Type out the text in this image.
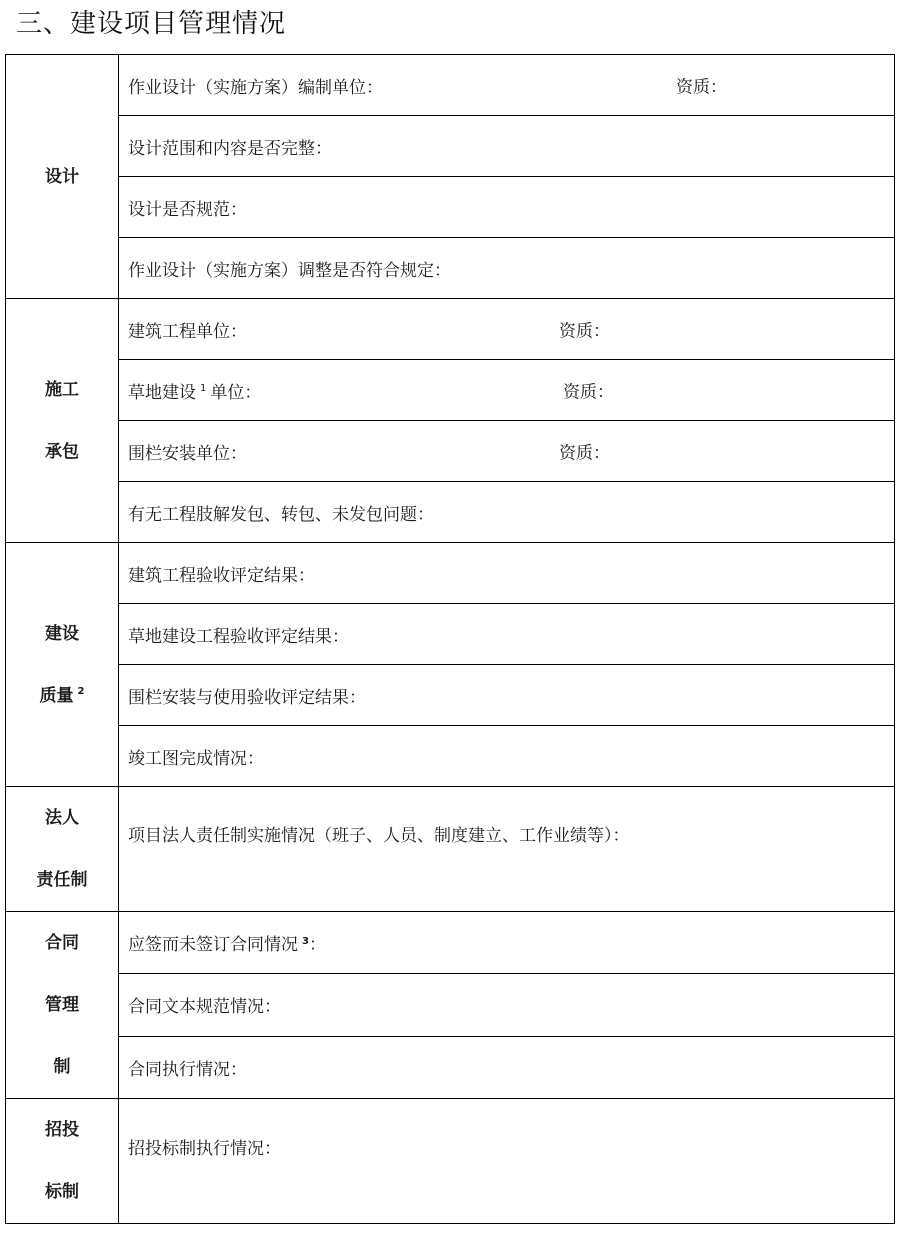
三、建设项目管理情况
设计	作业设计（实施方案）编制单位： 资质：

	设计范围和内容是否完整：
	设计是否规范：
	作业设计（实施方案）调整是否符合规定：

施工
承包	建筑工程单位： 资质：

	草地建设 $^1$ 单位： 资质：

	围栏安装单位： 资质：

	有无工程肢解发包、转包、未发包问题：

建设
质量 $^2$	建筑工程验收评定结果：
	草地建设工程验收评定结果：
	围栏安装与使用验收评定结果：
	竣工图完成情况：

法人
责任制	项目法人责任制实施情况（班子、人员、制度建立、工作业绩等）：

合同
管理
制	应签而未签订合同情况 $^3$：
	合同文本规范情况：
	合同执行情况：

招投
标制	招投标制执行情况：
